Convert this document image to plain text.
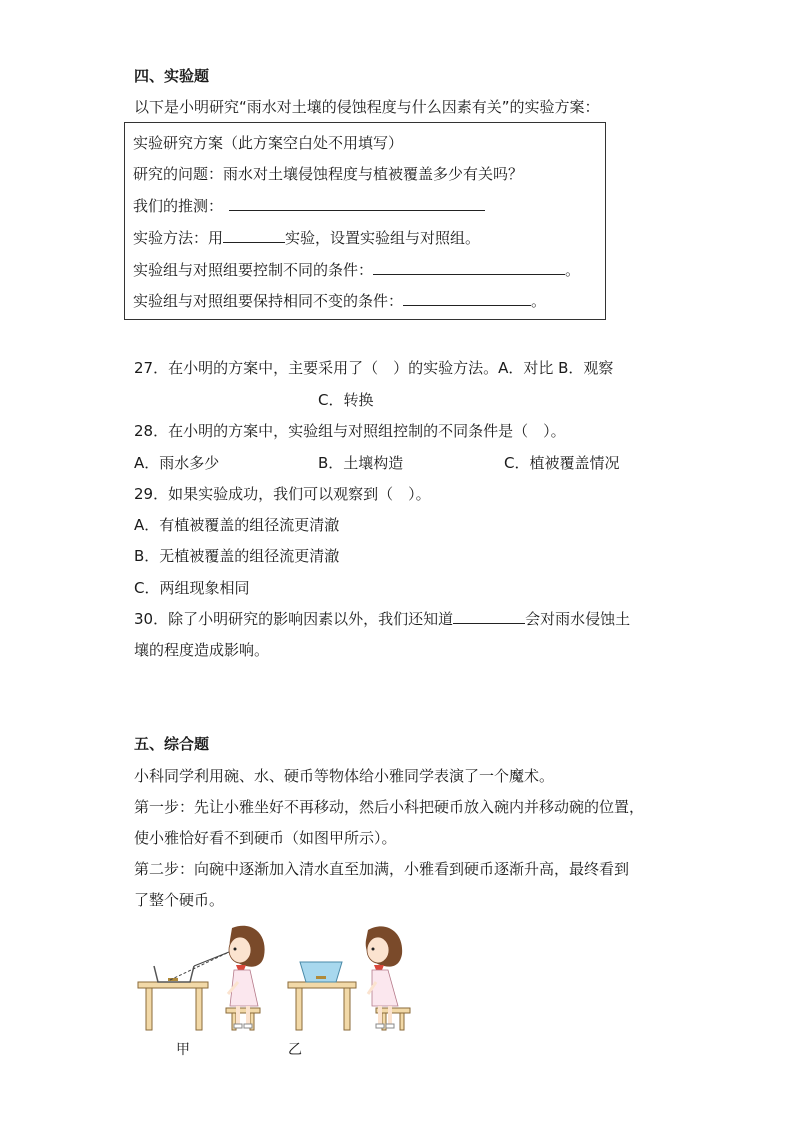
四、实验题
以下是小明研究“雨水对土壤的侵蚀程度与什么因素有关”的实验方案：
实验研究方案（此方案空白处不用填写）
研究的问题：雨水对土壤侵蚀程度与植被覆盖多少有关吗？
我们的推测：
实验方法：用	实验，设置实验组与对照组。
实验组与对照组要控制不同的条件：	。
实验组与对照组要保持相同不变的条件：	。
27．在小明的方案中，主要采用了（　）的实验方法。A．对比 B．观察
C．转换
28．在小明的方案中，实验组与对照组控制的不同条件是（　）。
A．雨水多少	B．土壤构造	C．植被覆盖情况
29．如果实验成功，我们可以观察到（　）。
A．有植被覆盖的组径流更清澈
B．无植被覆盖的组径流更清澈
C．两组现象相同
30．除了小明研究的影响因素以外，我们还知道	会对雨水侵蚀土
壤的程度造成影响。
五、综合题
小科同学利用碗、水、硬币等物体给小雅同学表演了一个魔术。
第一步：先让小雅坐好不再移动，然后小科把硬币放入碗内并移动碗的位置，
使小雅恰好看不到硬币（如图甲所示）。
第二步：向碗中逐渐加入清水直至加满，小雅看到硬币逐渐升高，最终看到
了整个硬币。
甲	乙
